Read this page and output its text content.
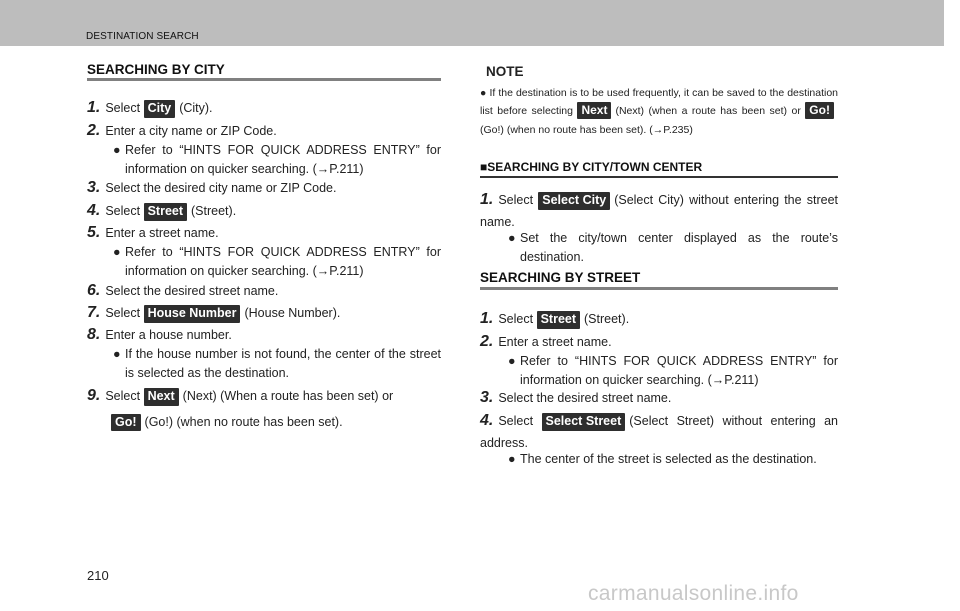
DESTINATION SEARCH
SEARCHING BY CITY
1. Select City (City).
2. Enter a city name or ZIP Code.
● Refer to “HINTS FOR QUICK ADDRESS ENTRY” for information on quicker searching. (→P.211)
3. Select the desired city name or ZIP Code.
4. Select Street (Street).
5. Enter a street name.
● Refer to “HINTS FOR QUICK ADDRESS ENTRY” for information on quicker searching. (→P.211)
6. Select the desired street name.
7. Select House Number (House Number).
8. Enter a house number.
● If the house number is not found, the center of the street is selected as the destination.
9. Select Next (Next) (When a route has been set) or
Go! (Go!) (when no route has been set).
NOTE
● If the destination is to be used frequently, it can be saved to the destination list before selecting Next (Next) (when a route has been set) or Go!(Go!) (when no route has been set). (→P.235)
■SEARCHING BY CITY/TOWN CENTER
1. Select Select City (Select City) without entering the street name.
● Set the city/town center displayed as the route’s destination.
SEARCHING BY STREET
1. Select Street (Street).
2. Enter a street name.
● Refer to “HINTS FOR QUICK ADDRESS ENTRY” for information on quicker searching. (→P.211)
3. Select the desired street name.
4. Select Select Street (Select Street) without entering an address.
● The center of the street is selected as the destination.
210
carmanualsonline.info
